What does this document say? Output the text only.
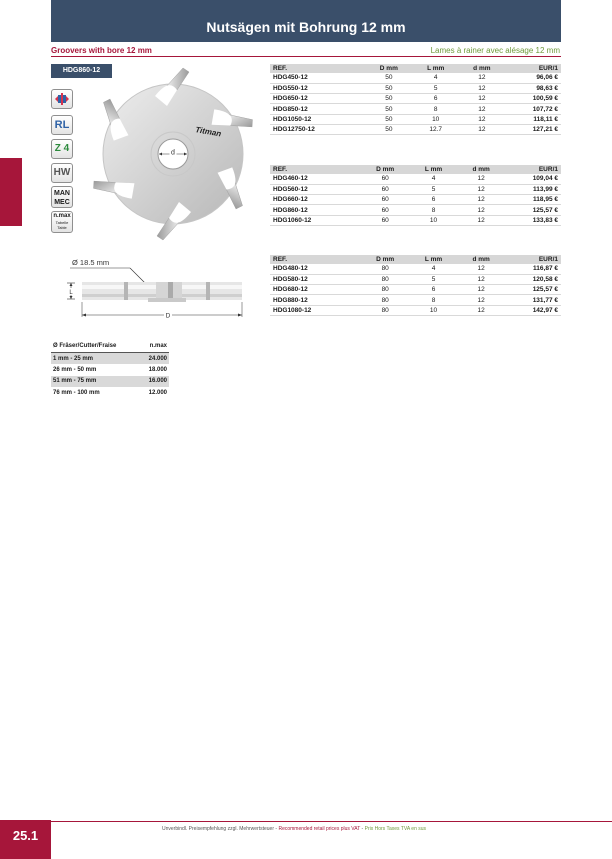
Nutsägen mit Bohrung 12 mm
Groovers with bore 12 mm	Lames à rainer avec alésage 12 mm
HDG860-12
RL
Z 4
HW
MAN
MEC
n.max
Tabelle
Table
d
Titman
Ø 18.5 mm
L
D
REF.	D mm	L mm	d mm	EUR/1
HDG450-12	50	4	12	96,06 €
HDG550-12	50	5	12	98,63 €
HDG650-12	50	6	12	100,59 €
HDG850-12	50	8	12	107,72 €
HDG1050-12	50	10	12	118,11 €
HDG12750-12	50	12.7	12	127,21 €
REF.	D mm	L mm	d mm	EUR/1
HDG460-12	60	4	12	109,04 €
HDG560-12	60	5	12	113,99 €
HDG660-12	60	6	12	118,95 €
HDG860-12	60	8	12	125,57 €
HDG1060-12	60	10	12	133,83 €
REF.	D mm	L mm	d mm	EUR/1
HDG480-12	80	4	12	116,87 €
HDG580-12	80	5	12	120,58 €
HDG680-12	80	6	12	125,57 €
HDG880-12	80	8	12	131,77 €
HDG1080-12	80	10	12	142,97 €
Ø Fräser/Cutter/Fraise	n.max
1 mm - 25 mm	24.000
26 mm - 50 mm	18.000
51 mm - 75 mm	16.000
76 mm - 100 mm	12.000
25.1	Unverbindl. Preisempfehlung zzgl. Mehrwertsteuer - Recommended retail prices plus VAT - Prix Hors Taxes TVA en sus
